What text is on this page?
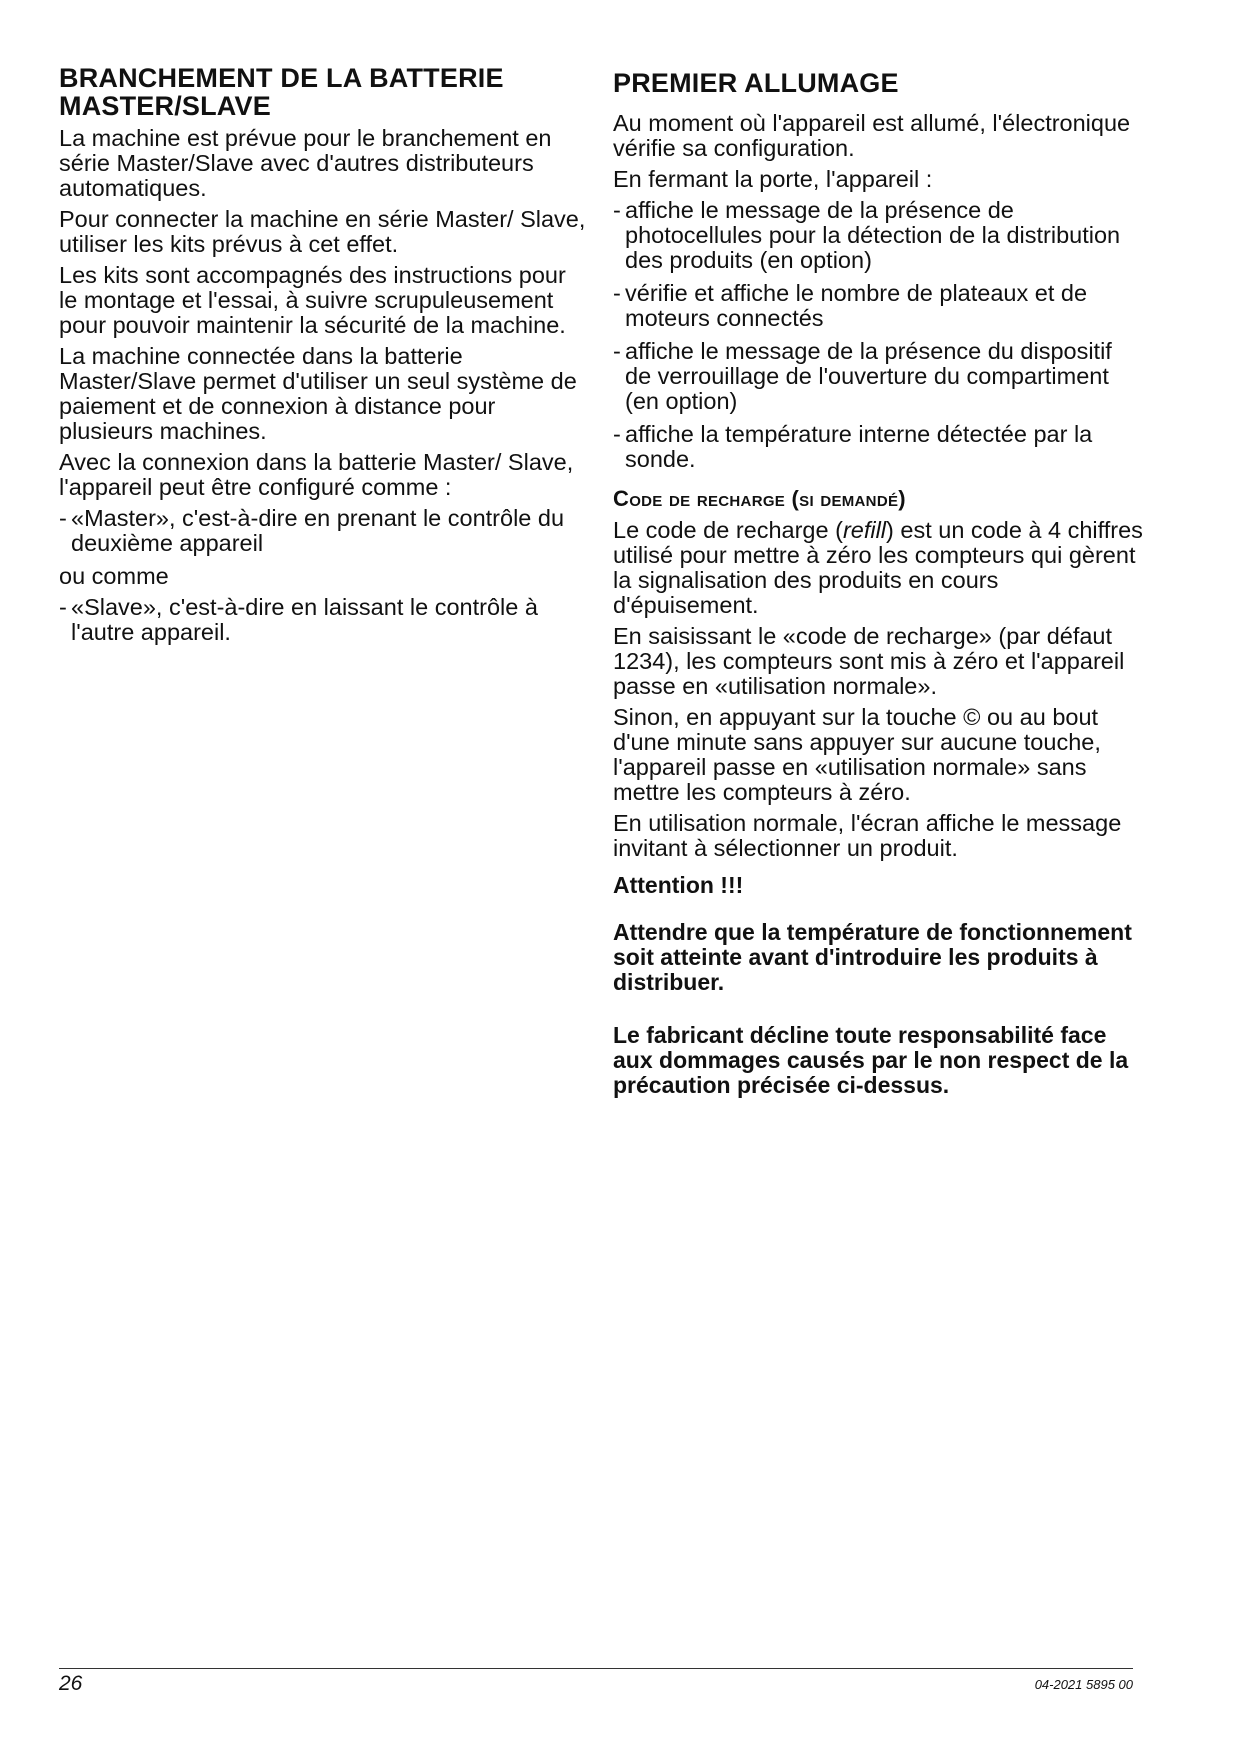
BRANCHEMENT DE LA BATTERIE MASTER/SLAVE

La machine est prévue pour le branchement en série Master/Slave avec d'autres distributeurs automatiques.

Pour connecter la machine en série Master/ Slave, utiliser les kits prévus à cet effet.

Les kits sont accompagnés des instructions pour le montage et l'essai, à suivre scrupuleusement pour pouvoir maintenir la sécurité de la machine.

La machine connectée dans la batterie Master/Slave permet d'utiliser un seul système de paiement et de connexion à distance pour plusieurs machines.

Avec la connexion dans la batterie Master/ Slave, l'appareil peut être configuré comme :

- «Master», c'est-à-dire en prenant le contrôle du deuxième appareil

ou comme

- «Slave», c'est-à-dire en laissant le contrôle à l'autre appareil.
PREMIER ALLUMAGE

Au moment où l'appareil est allumé, l'électronique vérifie sa configuration.

En fermant la porte, l'appareil :

- affiche le message de la présence de photocellules pour la détection de la distribution des produits (en option)
- vérifie et affiche le nombre de plateaux et de moteurs connectés
- affiche le message de la présence du dispositif de verrouillage de l'ouverture du compartiment (en option)
- affiche la température interne détectée par la sonde.
Code de recharge (si demandé)

Le code de recharge (refill) est un code à 4 chiffres utilisé pour mettre à zéro les compteurs qui gèrent la signalisation des produits en cours d'épuisement.

En saisissant le «code de recharge» (par défaut 1234), les compteurs sont mis à zéro et l'appareil passe en «utilisation normale».

Sinon, en appuyant sur la touche © ou au bout d'une minute sans appuyer sur aucune touche, l'appareil passe en «utilisation normale» sans mettre les compteurs à zéro.

En utilisation normale, l'écran affiche le message invitant à sélectionner un produit.

Attention !!!
Attendre que la température de fonctionnement soit atteinte avant d'introduire les produits à distribuer.
Le fabricant décline toute responsabilité face aux dommages causés par le non respect de la précaution précisée ci-dessus.
26	04-2021 5895 00
